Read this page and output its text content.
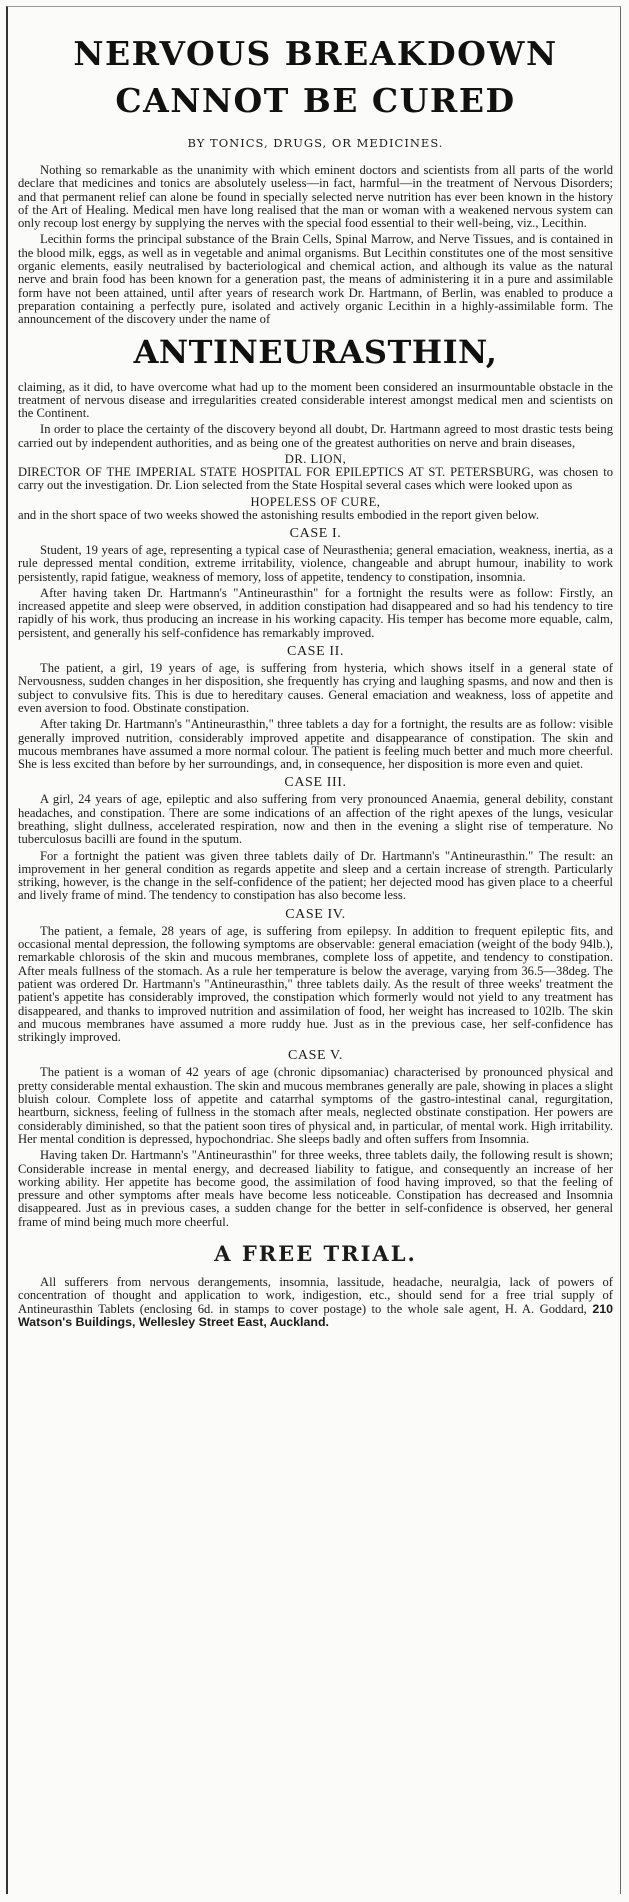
NERVOUS BREAKDOWN
CANNOT BE CURED
BY TONICS, DRUGS, OR MEDICINES.

Nothing so remarkable as the unanimity with which eminent doctors and scientists from all parts of the world declare that medicines and tonics are absolutely useless—in fact, harmful—in the treatment of Nervous Disorders; and that permanent relief can alone be found in specially selected nerve nutrition has ever been known in the history of the Art of Healing. Medical men have long realised that the man or woman with a weakened nervous system can only recoup lost energy by supplying the nerves with the special food essential to their well-being, viz., Lecithin.

Lecithin forms the principal substance of the Brain Cells, Spinal Marrow, and Nerve Tissues, and is contained in the blood milk, eggs, as well as in vegetable and animal organisms. But Lecithin constitutes one of the most sensitive organic elements, easily neutralised by bacteriological and chemical action, and although its value as the natural nerve and brain food has been known for a generation past, the means of administering it in a pure and assimilable form have not been attained, until after years of research work Dr. Hartmann, of Berlin, was enabled to produce a preparation containing a perfectly pure, isolated and actively organic Lecithin in a highly-assimilable form. The announcement of the discovery under the name of

ANTINEURASTHIN,

claiming, as it did, to have overcome what had up to the moment been considered an insurmountable obstacle in the treatment of nervous disease and irregularities created considerable interest amongst medical men and scientists on the Continent.

In order to place the certainty of the discovery beyond all doubt, Dr. Hartmann agreed to most drastic tests being carried out by independent authorities, and as being one of the greatest authorities on nerve and brain diseases,

DR. LION,

DIRECTOR OF THE IMPERIAL STATE HOSPITAL FOR EPILEPTICS AT ST. PETERSBURG, was chosen to carry out the investigation. Dr. Lion selected from the State Hospital several cases which were looked upon as

HOPELESS OF CURE,

and in the short space of two weeks showed the astonishing results embodied in the report given below.

CASE I.

Student, 19 years of age, representing a typical case of Neurasthenia; general emaciation, weakness, inertia, as a rule depressed mental condition, extreme irritability, violence, changeable and abrupt humour, inability to work persistently, rapid fatigue, weakness of memory, loss of appetite, tendency to constipation, insomnia.

After having taken Dr. Hartmann's "Antineurasthin" for a fortnight the results were as follow: Firstly, an increased appetite and sleep were observed, in addition constipation had disappeared and so had his tendency to tire rapidly of his work, thus producing an increase in his working capacity. His temper has become more equable, calm, persistent, and generally his self-confidence has remarkably improved.

CASE II.

The patient, a girl, 19 years of age, is suffering from hysteria, which shows itself in a general state of Nervousness, sudden changes in her disposition, she frequently has crying and laughing spasms, and now and then is subject to convulsive fits. This is due to hereditary causes. General emaciation and weakness, loss of appetite and even aversion to food. Obstinate constipation.

After taking Dr. Hartmann's "Antineurasthin," three tablets a day for a fortnight, the results are as follow: visible generally improved nutrition, considerably improved appetite and disappearance of constipation. The skin and mucous membranes have assumed a more normal colour. The patient is feeling much better and much more cheerful. She is less excited than before by her surroundings, and, in consequence, her disposition is more even and quiet.

CASE III.

A girl, 24 years of age, epileptic and also suffering from very pronounced Anaemia, general debility, constant headaches, and constipation. There are some indications of an affection of the right apexes of the lungs, vesicular breathing, slight dullness, accelerated respiration, now and then in the evening a slight rise of temperature. No tuberculosus bacilli are found in the sputum.

For a fortnight the patient was given three tablets daily of Dr. Hartmann's "Antineurasthin." The result: an improvement in her general condition as regards appetite and sleep and a certain increase of strength. Particularly striking, however, is the change in the self-confidence of the patient; her dejected mood has given place to a cheerful and lively frame of mind. The tendency to constipation has also become less.

CASE IV.

The patient, a female, 28 years of age, is suffering from epilepsy. In addition to frequent epileptic fits, and occasional mental depression, the following symptoms are observable: general emaciation (weight of the body 94lb.), remarkable chlorosis of the skin and mucous membranes, complete loss of appetite, and tendency to constipation. After meals fullness of the stomach. As a rule her temperature is below the average, varying from 36.5—38deg. The patient was ordered Dr. Hartmann's "Antineurasthin," three tablets daily. As the result of three weeks' treatment the patient's appetite has considerably improved, the constipation which formerly would not yield to any treatment has disappeared, and thanks to improved nutrition and assimilation of food, her weight has increased to 102lb. The skin and mucous membranes have assumed a more ruddy hue. Just as in the previous case, her self-confidence has strikingly improved.

CASE V.

The patient is a woman of 42 years of age (chronic dipsomaniac) characterised by pronounced physical and pretty considerable mental exhaustion. The skin and mucous membranes generally are pale, showing in places a slight bluish colour. Complete loss of appetite and catarrhal symptoms of the gastro-intestinal canal, regurgitation, heartburn, sickness, feeling of fullness in the stomach after meals, neglected obstinate constipation. Her powers are considerably diminished, so that the patient soon tires of physical and, in particular, of mental work. High irritability. Her mental condition is depressed, hypochondriac. She sleeps badly and often suffers from Insomnia.

Having taken Dr. Hartmann's "Antineurasthin" for three weeks, three tablets daily, the following result is shown; Considerable increase in mental energy, and decreased liability to fatigue, and consequently an increase of her working ability. Her appetite has become good, the assimilation of food having improved, so that the feeling of pressure and other symptoms after meals have become less noticeable. Constipation has decreased and Insomnia disappeared. Just as in previous cases, a sudden change for the better in self-confidence is observed, her general frame of mind being much more cheerful.

A FREE TRIAL.

All sufferers from nervous derangements, insomnia, lassitude, headache, neuralgia, lack of powers of concentration of thought and application to work, indigestion, etc., should send for a free trial supply of Antineurasthin Tablets (enclosing 6d. in stamps to cover postage) to the whole sale agent, H. A. Goddard, 210 Watson's Buildings, Wellesley Street East, Auckland.
